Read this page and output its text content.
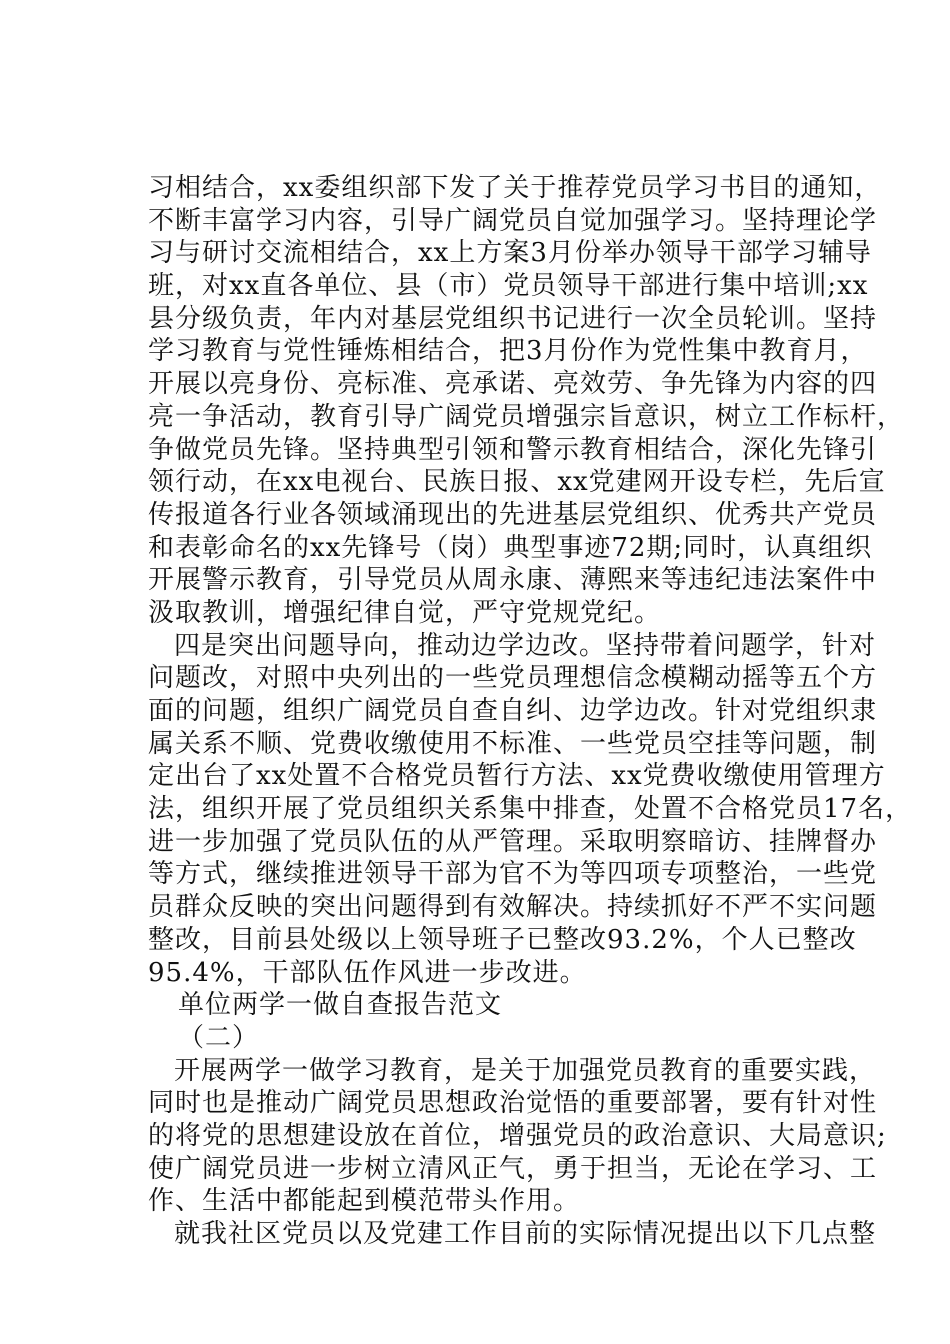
习相结合，xx委组织部下发了关于推荐党员学习书目的通知，
不断丰富学习内容，引导广阔党员自觉加强学习。坚持理论学
习与研讨交流相结合，xx上方案3月份举办领导干部学习辅导
班，对xx直各单位、县（市）党员领导干部进行集中培训;xx
县分级负责，年内对基层党组织书记进行一次全员轮训。坚持
学习教育与党性锤炼相结合，把3月份作为党性集中教育月，
开展以亮身份、亮标准、亮承诺、亮效劳、争先锋为内容的四
亮一争活动，教育引导广阔党员增强宗旨意识，树立工作标杆，
争做党员先锋。坚持典型引领和警示教育相结合，深化先锋引
领行动，在xx电视台、民族日报、xx党建网开设专栏，先后宣
传报道各行业各领域涌现出的先进基层党组织、优秀共产党员
和表彰命名的xx先锋号（岗）典型事迹72期;同时，认真组织
开展警示教育，引导党员从周永康、薄熙来等违纪违法案件中
汲取教训，增强纪律自觉，严守党规党纪。
四是突出问题导向，推动边学边改。坚持带着问题学，针对
问题改，对照中央列出的一些党员理想信念模糊动摇等五个方
面的问题，组织广阔党员自查自纠、边学边改。针对党组织隶
属关系不顺、党费收缴使用不标准、一些党员空挂等问题，制
定出台了xx处置不合格党员暂行方法、xx党费收缴使用管理方
法，组织开展了党员组织关系集中排查，处置不合格党员17名，
进一步加强了党员队伍的从严管理。采取明察暗访、挂牌督办
等方式，继续推进领导干部为官不为等四项专项整治，一些党
员群众反映的突出问题得到有效解决。持续抓好不严不实问题
整改，目前县处级以上领导班子已整改93.2%，个人已整改
95.4%，干部队伍作风进一步改进。
单位两学一做自查报告范文
（二）
开展两学一做学习教育，是关于加强党员教育的重要实践，
同时也是推动广阔党员思想政治觉悟的重要部署，要有针对性
的将党的思想建设放在首位，增强党员的政治意识、大局意识;
使广阔党员进一步树立清风正气，勇于担当，无论在学习、工
作、生活中都能起到模范带头作用。
就我社区党员以及党建工作目前的实际情况提出以下几点整
